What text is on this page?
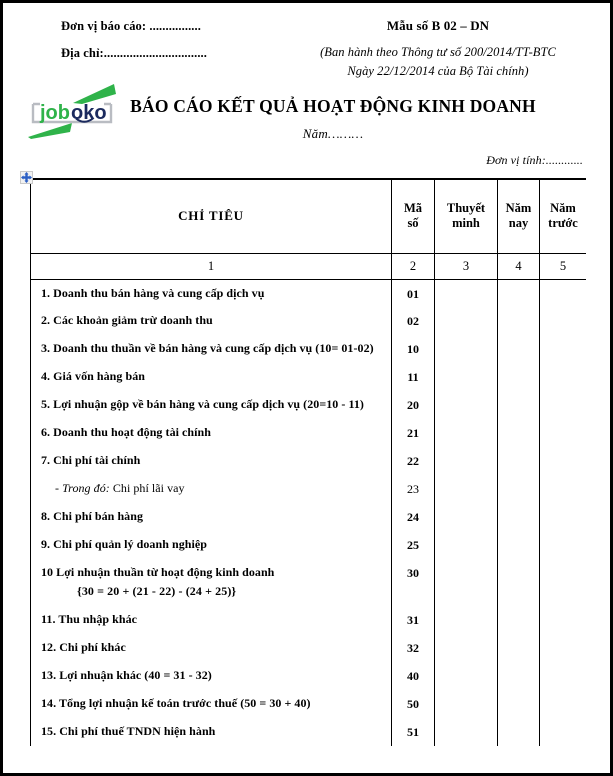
Đơn vị báo cáo: ................
Địa chỉ:................................
Mẫu số B 02 – DN
(Ban hành theo Thông tư số 200/2014/TT-BTC
Ngày 22/12/2014 của Bộ Tài chính)
job oko	BÁO CÁO KẾT QUẢ HOẠT ĐỘNG KINH DOANH
Năm………
Đơn vị tính:............
CHỈ TIÊU	
Mã
số

Thuyết
minh

Năm
nay

Năm
trước

1	2	3	4	5
1. Doanh thu bán hàng và cung cấp dịch vụ	01			
2. Các khoản giảm trừ doanh thu	02			
3. Doanh thu thuần về bán hàng và cung cấp dịch vụ (10= 01-02)	10			
4. Giá vốn hàng bán	11			
5. Lợi nhuận gộp về bán hàng và cung cấp dịch vụ (20=10 - 11)	20			
6. Doanh thu hoạt động tài chính	21			
7. Chi phí tài chính	22			
- Trong đó: Chi phí lãi vay	23			
8. Chi phí bán hàng	24			
9. Chi phí quản lý doanh nghiệp	25			
10 Lợi nhuận thuần từ hoạt động kinh doanh
{30 = 20 + (21 - 22) - (24 + 25)}	30			
11. Thu nhập khác	31			
12. Chi phí khác	32			
13. Lợi nhuận khác (40 = 31 - 32)	40			
14. Tổng lợi nhuận kế toán trước thuế (50 = 30 + 40)	50			
15. Chi phí thuế TNDN hiện hành	51			
